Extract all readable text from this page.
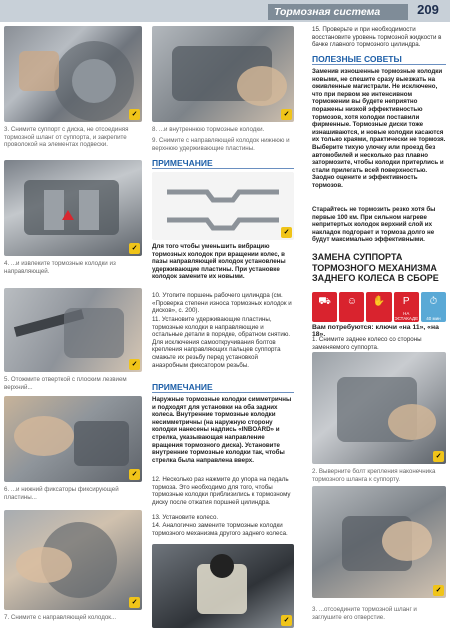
Тормозная система	209
✓
3. Снимите суппорт с диска, не отсоединяя тормозной шланг от суппорта, и закрепите проволокой на элементах подвески.
✓
4. ...и извлеките тормозные колодки из направляющей.
✓
5. Отожмите отверткой с плоским лезвием верхний...
✓
6. ...и нижний фиксаторы фиксирующей пластины...
✓
7. Снимите с направляющей колодок...
✓
8. ...и внутреннюю тормозные колодки.
9. Снимите с направляющей колодок нижнюю и верхнюю удерживающие пластины.
ПРИМЕЧАНИЕ
✓
Для того чтобы уменьшить вибрацию тормозных колодок при вращении колес, в пазы направляющей колодок установлены удерживающие пластины. При установке колодок замените их новыми.
10. Утопите поршень рабочего цилиндра (см. «Проверка степени износа тормозных колодок и дисков», с. 200).
11. Установите удерживающие пластины, тормозные колодки в направляющие и остальные детали в порядке, обратном снятию. Для исключения самооткручивания болтов крепления направляющих пальцев суппорта смажьте их резьбу перед установкой анаэробным фиксатором резьбы.
ПРИМЕЧАНИЕ
Наружные тормозные колодки симметричны и подходят для установки на оба задних колеса. Внутренние тормозные колодки несимметричны (на наружную сторону колодки нанесены надпись «INBOARD» и стрелка, указывающая направление вращения тормозного диска). Установите внутренние тормозные колодки так, чтобы стрелка была направлена вверх.
12. Несколько раз нажмите до упора на педаль тормоза. Это необходимо для того, чтобы тормозные колодки приблизились к тормозному диску после отжатия поршней цилиндра.
13. Установите колесо.
14. Аналогично замените тормозные колодки тормозного механизма другого заднего колеса.
✓
15. Проверьте и при необходимости восстановите уровень тормозной жидкости в бачке главного тормозного цилиндра.
ПОЛЕЗНЫЕ СОВЕТЫ
Заменив изношенные тормозные колодки новыми, не спешите сразу выезжать на оживленные магистрали. Не исключено, что при первом же интенсивном торможении вы будете неприятно поражены низкой эффективностью тормозов, хотя колодки поставили фирменные. Тормозные диски тоже изнашиваются, и новые колодки касаются их только краями, практически не тормозя. Выберите тихую улочку или проезд без автомобилей и несколько раз плавно затормозите, чтобы колодки притерлись и стали прилегать всей поверхностью. Заодно оцените и эффективность тормозов.
Старайтесь не тормозить резко хотя бы первые 100 км. При сильном нагреве непритертых колодок верхний слой их накладок подгорает и тормоза долго не будут максимально эффективными.
ЗАМЕНА СУППОРТА ТОРМОЗНОГО МЕХАНИЗМА ЗАДНЕГО КОЛЕСА В СБОРЕ
⛟	☺	✋	P
НА ЭСТАКАДЕ
⏱
40 мин
Вам потребуются: ключи «на 11», «на 18».
1. Снимите заднее колесо со стороны заменяемого суппорта.
✓
2. Выверните болт крепления наконечника тормозного шланга к суппорту.
✓
3. ...отсоедините тормозной шланг и заглушите его отверстие.
